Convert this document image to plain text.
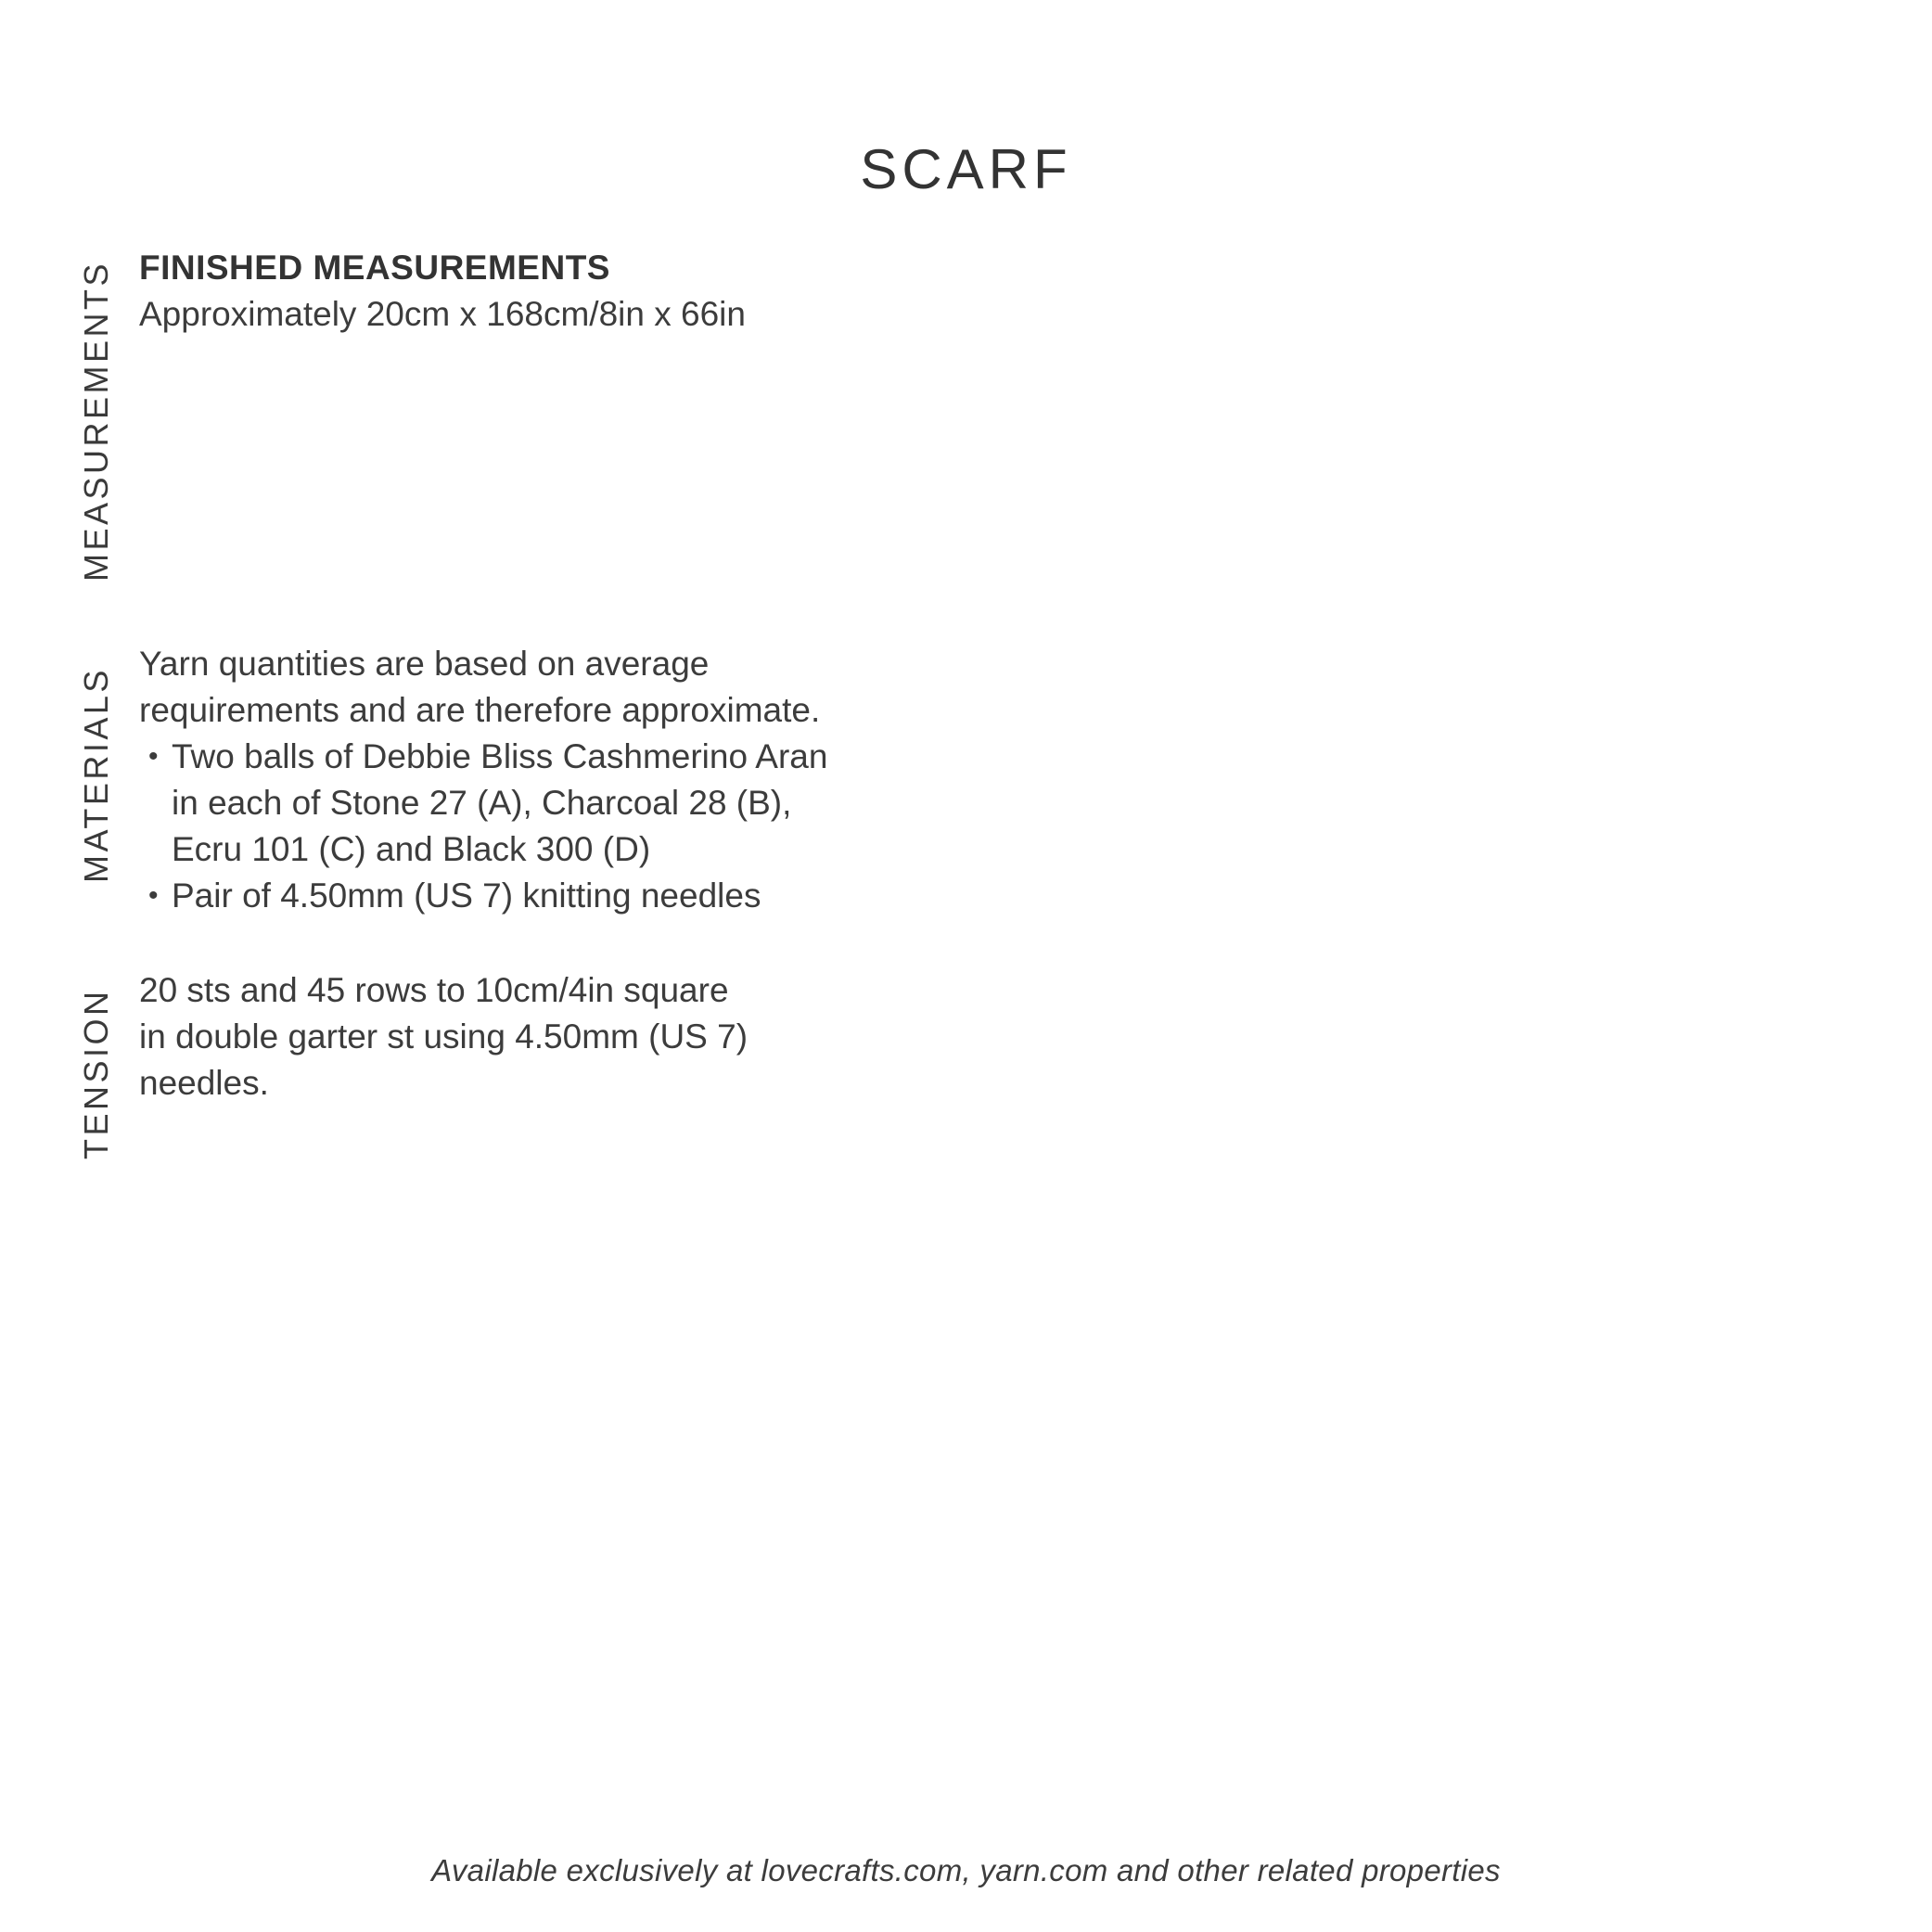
SCARF
MEASUREMENTS FINISHED MEASUREMENTS

Approximately 20cm x 168cm/8in x 66in

MATERIALS

Yarn quantities are based on average

requirements and are therefore approximate.

• Two balls of Debbie Bliss Cashmerino Aran
in each of Stone 27 (A), Charcoal 28 (B),
Ecru 101 (C) and Black 300 (D)
• Pair of 4.50mm (US 7) knitting needles
TENSION 20 sts and 45 rows to 10cm/4in square

in double garter st using 4.50mm (US 7)

needles.

Available exclusively at lovecrafts.com, yarn.com and other related properties
